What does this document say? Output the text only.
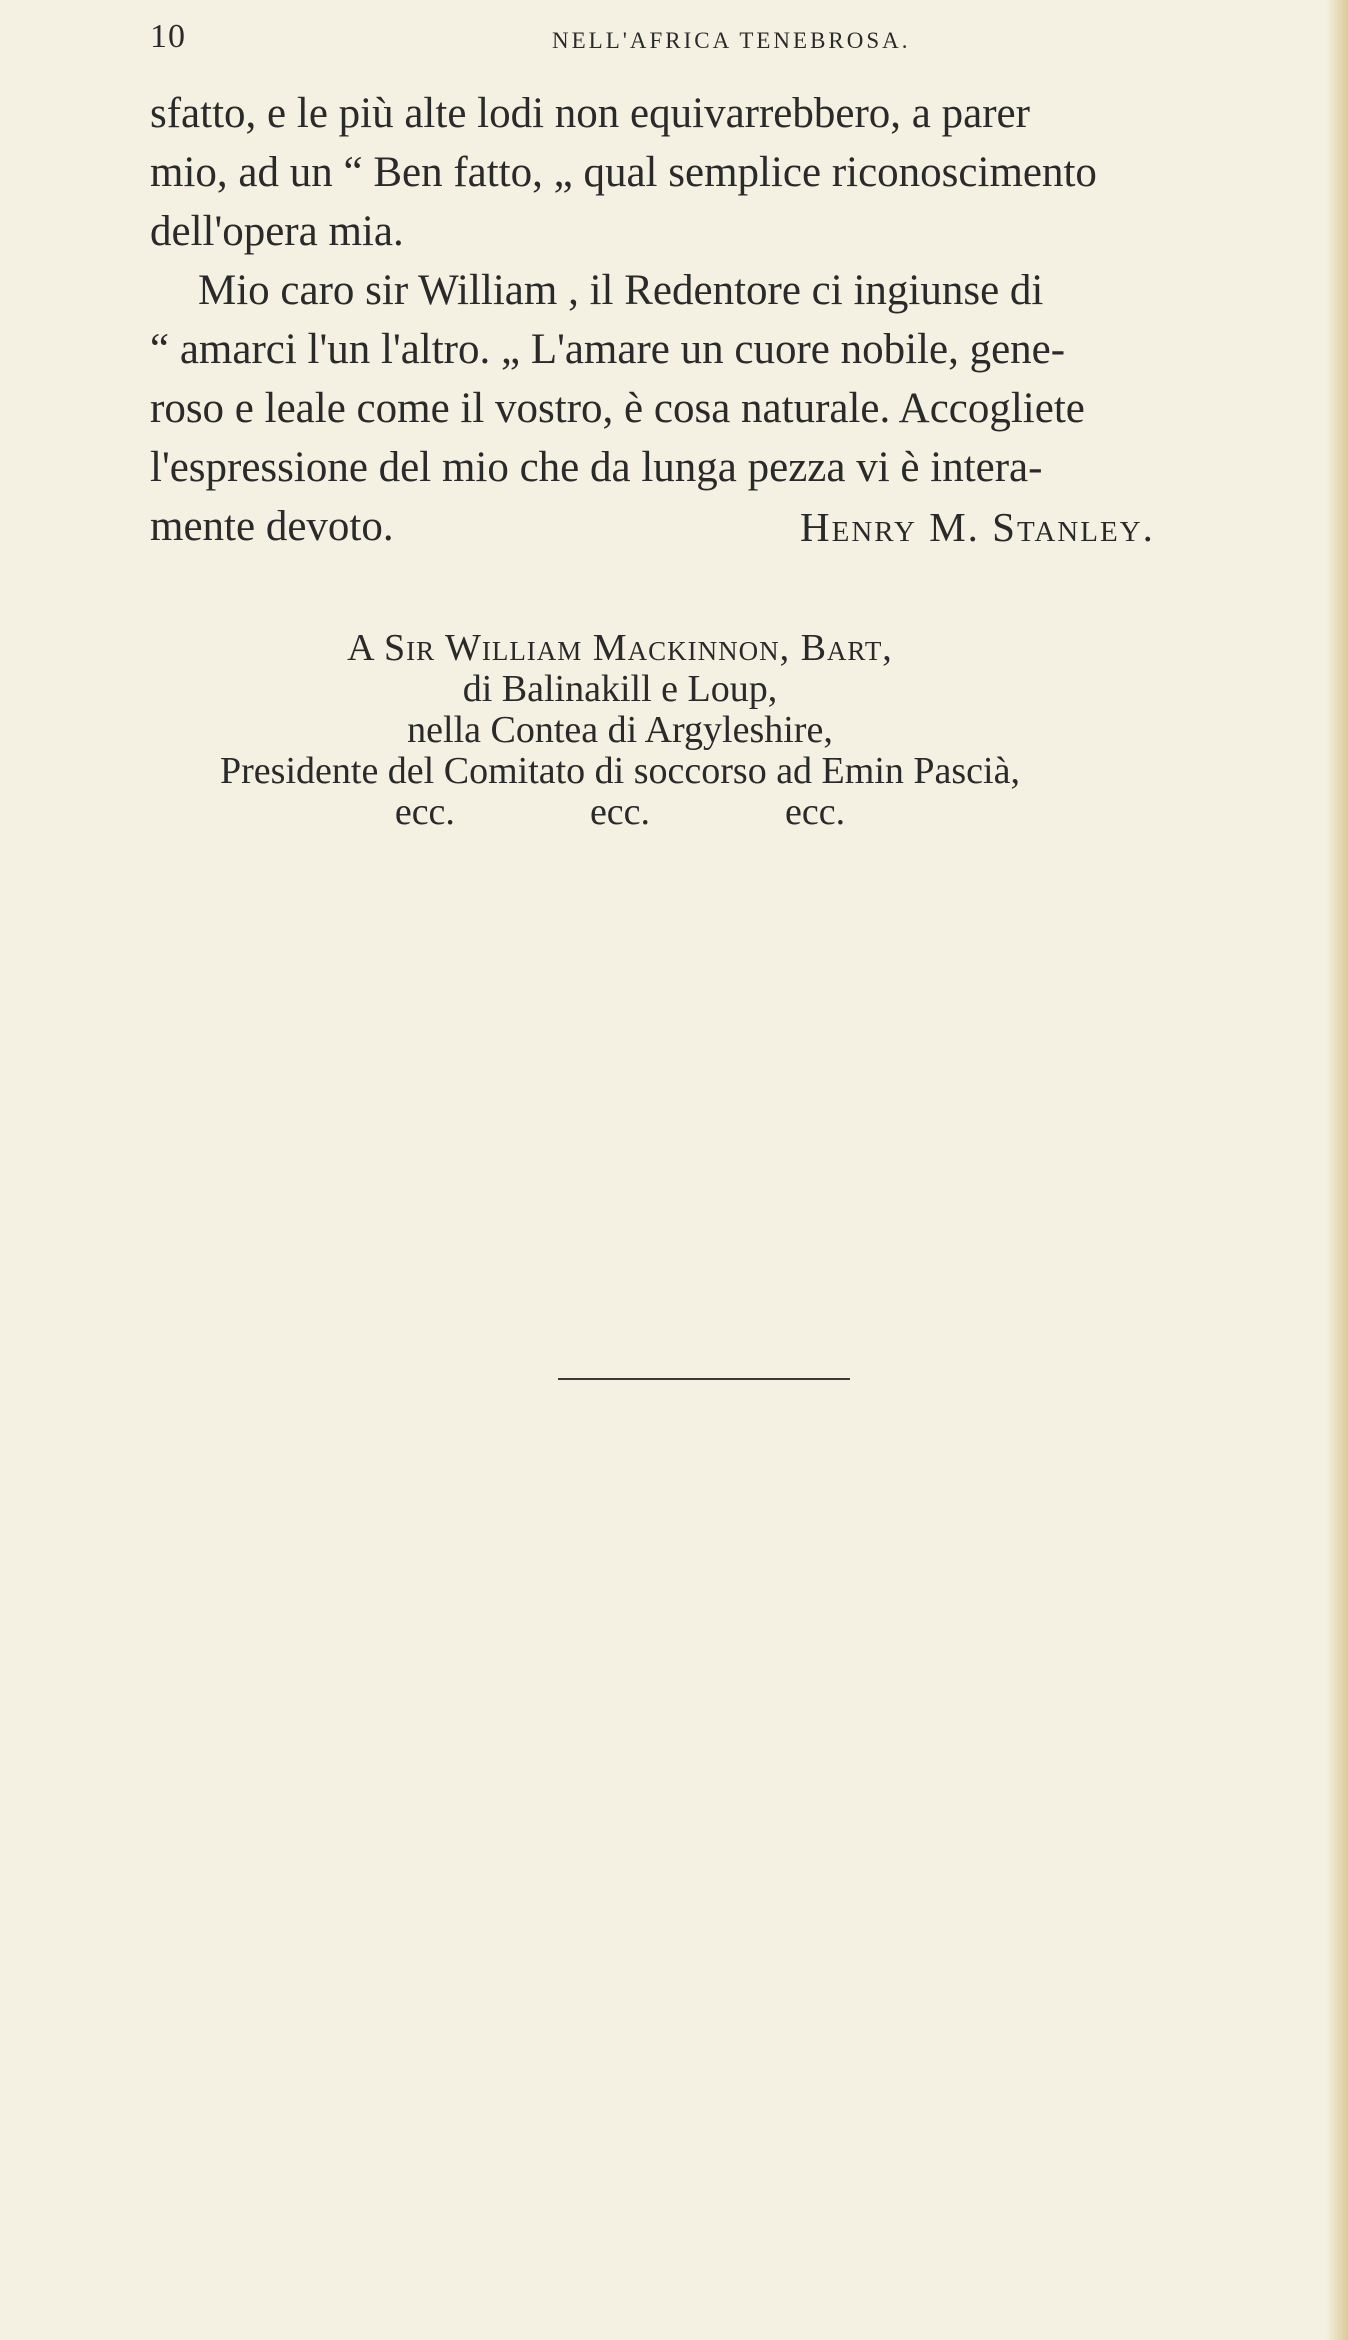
10	NELL'AFRICA TENEBROSA.
sfatto, e le più alte lodi non equivarrebbero, a parer
mio, ad un “ Ben fatto, „ qual semplice riconoscimento
dell'opera mia.
Mio caro sir William , il Redentore ci ingiunse di
“ amarci l'un l'altro. „ L'amare un cuore nobile, gene-
roso e leale come il vostro, è cosa naturale. Accogliete
l'espressione del mio che da lunga pezza vi è intera-
mente devoto.	Henry M. Stanley.
A Sir William Mackinnon, Bart,
di Balinakill e Loup,
nella Contea di Argyleshire,
Presidente del Comitato di soccorso ad Emin Pascià,
ecc.	ecc.	ecc.
